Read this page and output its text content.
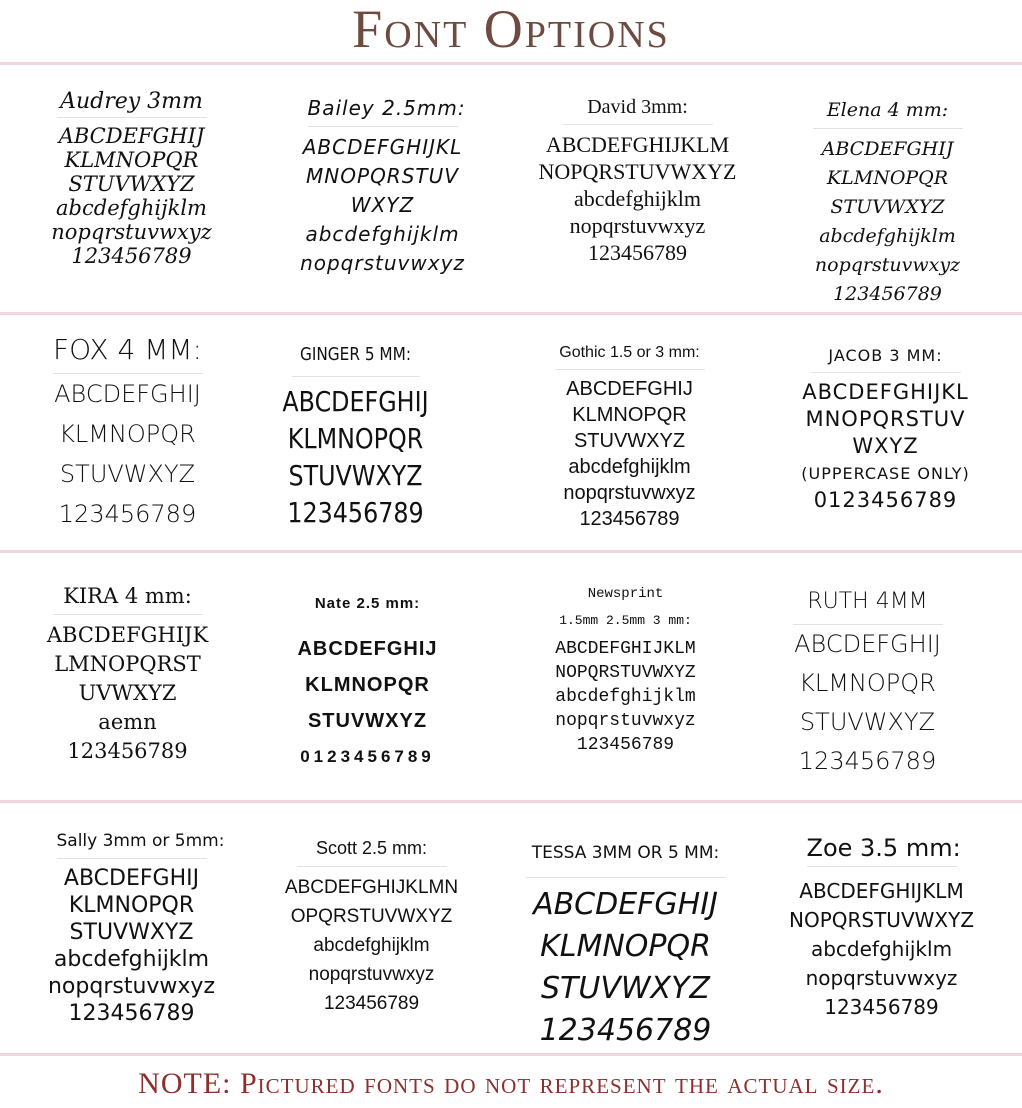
Font Options
Audrey 3mm
ABCDEFGHIJ
KLMNOPQR
STUVWXYZ
abcdefghijklm
nopqrstuvwxyz
123456789
Bailey 2.5mm:
ABCDEFGHIJKL
MNOPQRSTUV
WXYZ
abcdefghijklm
nopqrstuvwxyz
David 3mm:
ABCDEFGHIJKLM
NOPQRSTUVWXYZ
abcdefghijklm
nopqrstuvwxyz
123456789
Elena 4 mm:
ABCDEFGHIJ
KLMNOPQR
STUVWXYZ
abcdefghijklm
nopqrstuvwxyz
123456789
FOX 4 MM:
ABCDEFGHIJ
KLMNOPQR
STUVWXYZ
123456789
GINGER 5 MM:
ABCDEFGHIJ
KLMNOPQR
STUVWXYZ
123456789
Gothic 1.5 or 3 mm:
ABCDEFGHIJ
KLMNOPQR
STUVWXYZ
abcdefghijklm
nopqrstuvwxyz
123456789
JACOB 3 MM:
ABCDEFGHIJKL
MNOPQRSTUV
WXYZ
(UPPERCASE ONLY)
0123456789
KIRA 4 mm:
ABCDEFGHIJK
LMNOPQRST
UVWXYZ
aemn
123456789
Nate 2.5 mm:
ABCDEFGHIJ
KLMNOPQR
STUVWXYZ
0123456789
Newsprint
1.5mm 2.5mm 3 mm:
ABCDEFGHIJKLM
NOPQRSTUVWXYZ
abcdefghijklm
nopqrstuvwxyz
123456789
RUTH 4MM
ABCDEFGHIJ
KLMNOPQR
STUVWXYZ
123456789
Sally 3mm or 5mm:
ABCDEFGHIJ
KLMNOPQR
STUVWXYZ
abcdefghijklm
nopqrstuvwxyz
123456789
Scott 2.5 mm:
ABCDEFGHIJKLMN
OPQRSTUVWXYZ
abcdefghijklm
nopqrstuvwxyz
123456789
TESSA 3MM OR 5 MM:
ABCDEFGHIJ
KLMNOPQR
STUVWXYZ
123456789
Zoe 3.5 mm:
ABCDEFGHIJKLM
NOPQRSTUVWXYZ
abcdefghijklm
nopqrstuvwxyz
123456789
NOTE: Pictured fonts do not represent the actual size.
